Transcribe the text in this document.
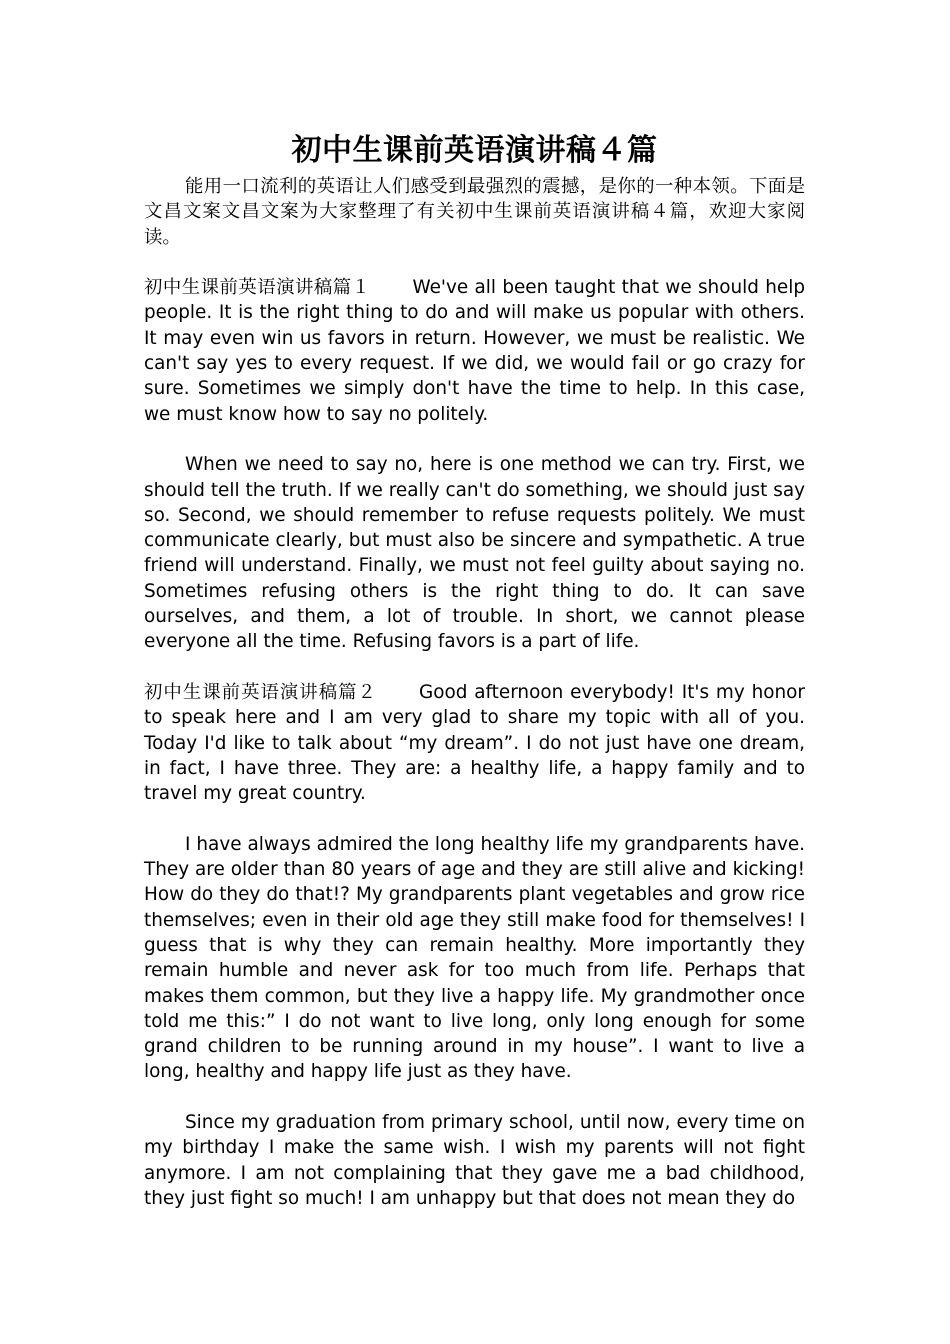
初中生课前英语演讲稿４篇

能用一口流利的英语让人们感受到最强烈的震撼，是你的一种本领。下面是文昌文案文昌文案为大家整理了有关初中生课前英语演讲稿４篇，欢迎大家阅读。

初中生课前英语演讲稿篇１ We've all been taught that we should help people. It is the right thing to do and will make us popular with others. It may even win us favors in return. However, we must be realistic. We can't say yes to every request. If we did, we would fail or go crazy for sure. Sometimes we simply don't have the time to help. In this case, we must know how to say no politely.

When we need to say no, here is one method we can try. First, we should tell the truth. If we really can't do something, we should just say so. Second, we should remember to refuse requests politely. We must communicate clearly, but must also be sincere and sympathetic. A true friend will understand. Finally, we must not feel guilty about saying no. Sometimes refusing others is the right thing to do. It can save ourselves, and them, a lot of trouble. In short, we cannot please everyone all the time. Refusing favors is a part of life.

初中生课前英语演讲稿篇２ Good afternoon everybody! It's my honor to speak here and I am very glad to share my topic with all of you. Today I'd like to talk about “my dream”. I do not just have one dream, in fact, I have three. They are: a healthy life, a happy family and to travel my great country.

I have always admired the long healthy life my grandparents have. They are older than 80 years of age and they are still alive and kicking! How do they do that!? My grandparents plant vegetables and grow rice themselves; even in their old age they still make food for themselves! I guess that is why they can remain healthy. More importantly they remain humble and never ask for too much from life. Perhaps that makes them common, but they live a happy life. My grandmother once told me this:” I do not want to live long, only long enough for some grand children to be running around in my house”. I want to live a long, healthy and happy life just as they have.

Since my graduation from primary school, until now, every time on my birthday I make the same wish. I wish my parents will not fight anymore. I am not complaining that they gave me a bad childhood, they just fight so much! I am unhappy but that does not mean they do
